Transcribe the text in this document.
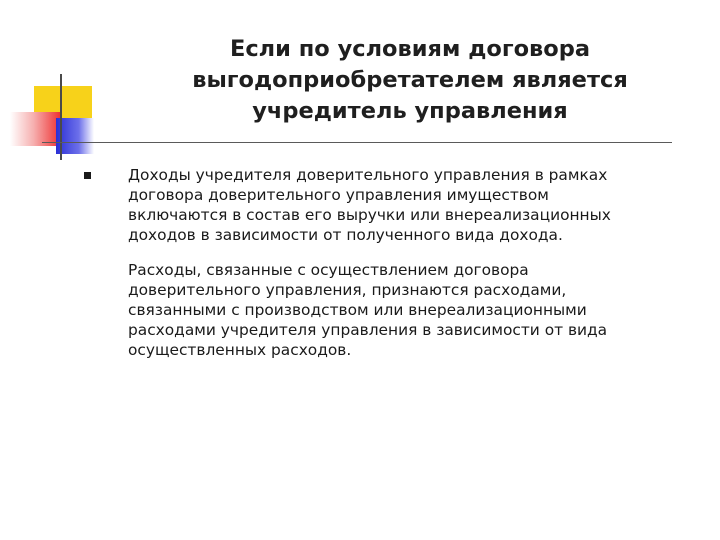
Если по условиям договора
выгодоприобретателем является
учредитель управления

Доходы учредителя доверительного управления в рамках
договора доверительного управления имуществом
включаются в состав его выручки или внереализационных
доходов в зависимости от полученного вида дохода.

Расходы, связанные с осуществлением договора
доверительного управления, признаются расходами,
связанными с производством или внереализационными
расходами учредителя управления в зависимости от вида
осуществленных расходов.
